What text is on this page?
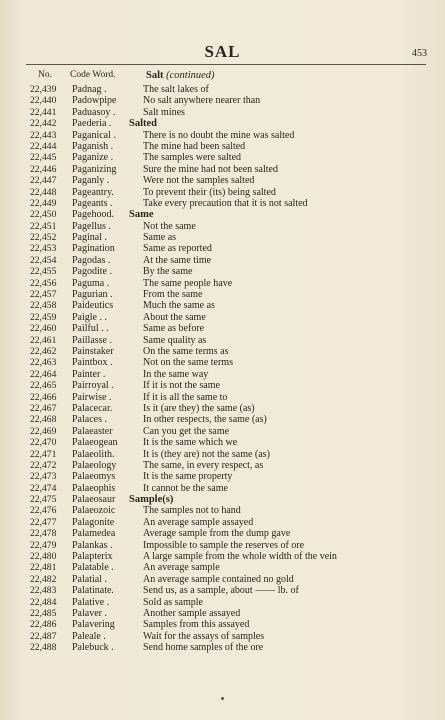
SAL	453
No. Code Word.	Salt (continued)
22,439 Padnag .	The salt lakes of
22,440 Padowpipe	No salt anywhere nearer than
22,441 Paduasoy .	Salt mines
22,442 Paederia . Salted
22,443 Paganical .	There is no doubt the mine was salted
22,444 Paganish .	The mine had been salted
22,445 Paganize .	The samples were salted
22,446 Paganizing	Sure the mine had not been salted
22,447 Paganly .	Were not the samples salted
22,448 Pageantry.	To prevent their (its) being salted
22,449 Pageants .	Take every precaution that it is not salted
22,450 Pagehood. Same
22,451 Pagellus .	Not the same
22,452 Paginal .	Same as
22,453 Pagination	Same as reported
22,454 Pagodas .	At the same time
22,455 Pagodite .	By the same
22,456 Paguma .	The same people have
22,457 Pagurian .	From the same
22,458 Paideutics	Much the same as
22,459 Paigle . .	About the same
22,460 Pailful . .	Same as before
22,461 Paillasse .	Same quality as
22,462 Painstaker	On the same terms as
22,463 Paintbox .	Not on the same terms
22,464 Painter .	In the same way
22,465 Pairroyal .	If it is not the same
22,466 Pairwise .	If it is all the same to
22,467 Palacecar.	Is it (are they) the same (as)
22,468 Palaces .	In other respects, the same (as)
22,469 Palaeaster	Can you get the same
22,470 Palaeogean	It is the same which we
22,471 Palaeolith.	It is (they are) not the same (as)
22,472 Palaeology	The same, in every respect, as
22,473 Palaeomys	It is the same property
22,474 Palaeophis	It cannot be the same
22,475 Palaeosaur Sample(s)
22,476 Palaeozoic	The samples not to hand
22,477 Palagonite	An average sample assayed
22,478 Palamedea	Average sample from the dump gave
22,479 Palankas .	Impossible to sample the reserves of ore
22,480 Palapterix	A large sample from the whole width of the vein
22,481 Palatable .	An average sample
22,482 Palatial .	An average sample contained no gold
22,483 Palatinate.	Send us, as a sample, about —— lb. of
22,484 Palative .	Sold as sample
22,485 Palaver .	Another sample assayed
22,486 Palavering	Samples from this assayed
22,487 Paleale .	Wait for the assays of samples
22,488 Palebuck .	Send home samples of the ore
